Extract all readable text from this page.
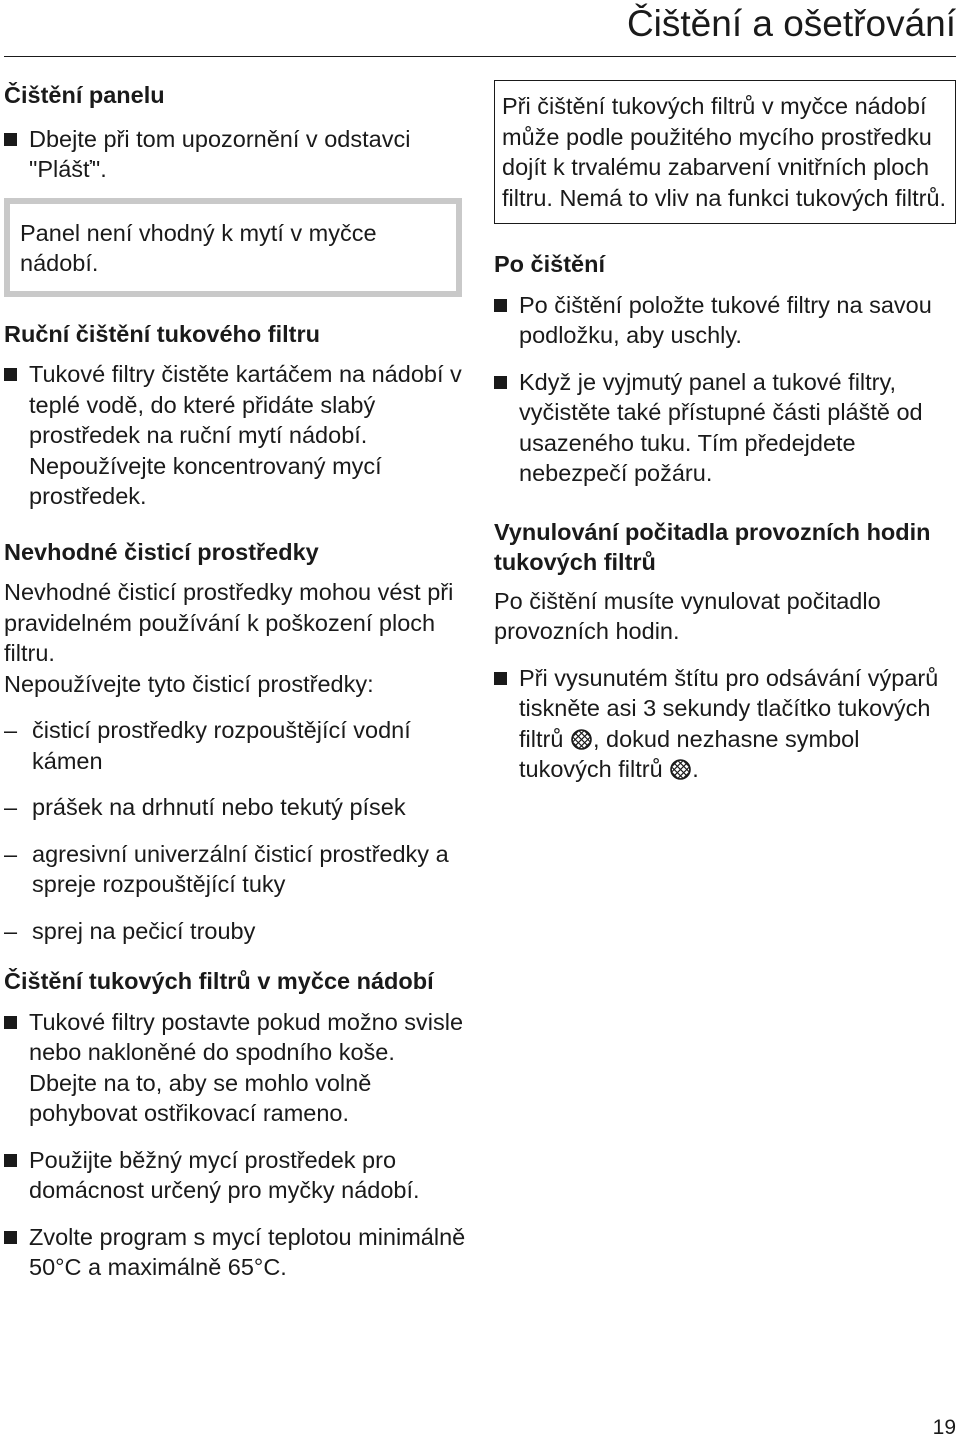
Čištění a ošetřování
Čištění panelu
Dbejte při tom upozornění v odstavci "Plášť".

Panel není vhodný k mytí v myčce nádobí.

Ruční čištění tukového filtru
Tukové filtry čistěte kartáčem na nádobí v teplé vodě, do které přidáte slabý prostředek na ruční mytí nádobí. Nepoužívejte koncentrovaný mycí prostředek.
Nevhodné čisticí prostředky

Nevhodné čisticí prostředky mohou vést při pravidelném používání k poškození ploch filtru.

Nepoužívejte tyto čisticí prostředky:

– čisticí prostředky rozpouštějící vodní kámen
– prášek na drhnutí nebo tekutý písek
– agresivní univerzální čisticí prostředky a spreje rozpouštějící tuky
– sprej na pečicí trouby
Čištění tukových filtrů v myčce nádobí
Tukové filtry postavte pokud možno svisle nebo nakloněné do spodního koše. Dbejte na to, aby se mohlo volně pohybovat ostřikovací rameno.
Použijte běžný mycí prostředek pro domácnost určený pro myčky nádobí.
Zvolte program s mycí teplotou minimálně 50°C a maximálně 65°C.

Při čištění tukových filtrů v myčce nádobí může podle použitého mycího prostředku dojít k trvalému zabarvení vnitřních ploch filtru. Nemá to vliv na funkci tukových filtrů.

Po čištění
Po čištění položte tukové filtry na savou podložku, aby uschly.
Když je vyjmutý panel a tukové filtry, vyčistěte také přístupné části pláště od usazeného tuku. Tím předejdete nebezpečí požáru.
Vynulování počitadla provozních hodin tukových filtrů

Po čištění musíte vynulovat počitadlo provozních hodin.

Při vysunutém štítu pro odsávání výparů tiskněte asi 3 sekundy tlačítko tukových filtrů , dokud nezhasne symbol tukových filtrů .
19
